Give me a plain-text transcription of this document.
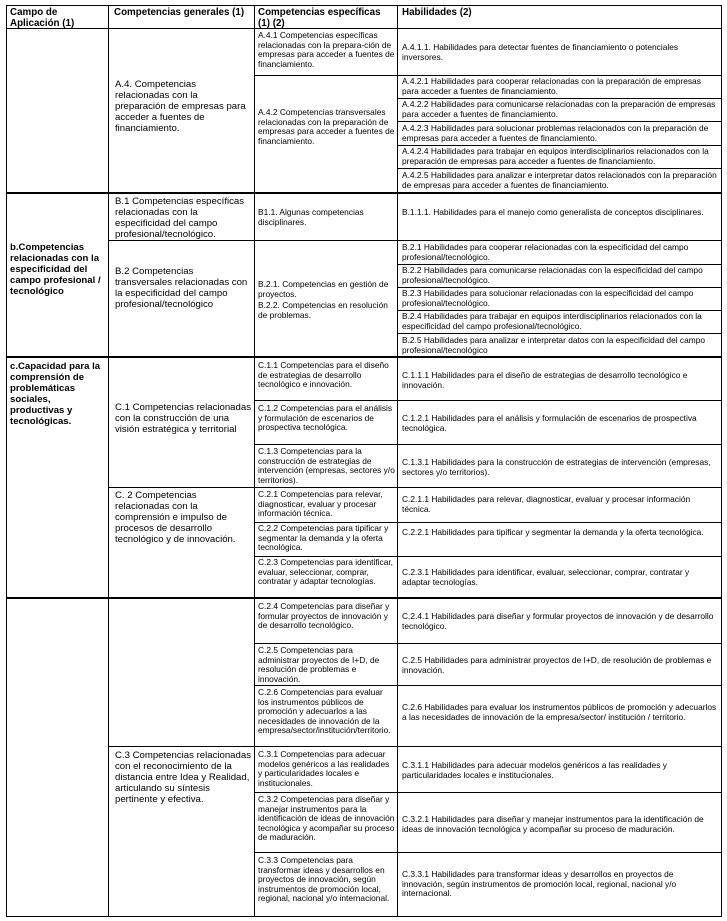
Campo de Aplicación (1)
Competencias generales (1)	Competencias específicas (1) (2)
Habilidades (2)
A.4. Competencias relacionadas con la preparación de empresas para acceder a fuentes de financiamiento.
A.4.1 Competencias específicas relacionadas con la prepara-ción de empresas para acceder a fuentes de financiamiento.
A.4.2 Competencias transversales relacionadas con la preparación de empresas para acceder a fuentes de financiamiento.
A.4.1.1. Habilidades para detectar fuentes de financiamiento o potenciales inversores.
A.4.2.1 Habilidades para cooperar relacionadas con la preparación de empresas para acceder a fuentes de financiamiento.
A.4.2.2 Habilidades para comunicarse relacionadas con la preparación de empresas para acceder a fuentes de financiamiento.
A.4.2.3 Habilidades para solucionar problemas relacionados con la preparación de empresas para acceder a fuentes de financiamiento.
A.4.2.4 Habilidades para trabajar en equipos interdisciplinarios relacionados con la preparación de empresas para acceder a fuentes de financiamiento.
A.4.2.5 Habilidades para analizar e interpretar datos relacionados con la preparación de empresas para acceder a fuentes de financiamiento.
b.Competencias relacionadas con la especificidad del campo profesional / tecnológico
B.1 Competencias específicas relacionadas con la especificidad del campo profesional/tecnológico.
B.2 Competencias transversales relacionadas con la especificidad del campo profesional/tecnológico
B1.1. Algunas competencias disciplinares.
B.2.1. Competencias en gestión de proyectos.
B.2.2. Competencias en resolución de problemas.
B.1.1.1. Habilidades para el manejo como generalista de conceptos disciplinares.
B.2.1 Habilidades para cooperar relacionadas con la especificidad del campo profesional/tecnológico.
B.2.2 Habilidades para comunicarse relacionadas con la especificidad del campo profesional/tecnológico.
B.2.3 Habilidades para solucionar relacionadas con la especificidad del campo profesional/tecnológico.
B.2.4 Habilidades para trabajar en equipos interdisciplinarios relacionados con la especificidad del campo profesional/tecnológico.
B.2.5 Habilidades para analizar e interpretar datos con la especificidad del campo profesional/tecnológico
c.Capacidad para la comprensión de problemáticas sociales, productivas y tecnológicas.
C.1 Competencias relacionadas con la construcción de una visión estratégica y territorial
C. 2 Competencias relacionadas con la comprensión e impulso de procesos de desarrollo tecnológico y de innovación.
C.3 Competencias relacionadas con el reconocimiento de la distancia entre Idea y Realidad, articulando su síntesis pertinente y efectiva.
C.1.1 Competencias para el diseño de estrategias de desarrollo tecnológico e innovación.
C.1.2 Competencias para el análisis y formulación de escenarios de prospectiva tecnológica.
C.1.3 Competencias para la construcción de estrategias de intervención (empresas, sectores y/o territorios).
C.2.1 Competencias para relevar, diagnosticar, evaluar y procesar información técnica.
C.2.2 Competencias para tipificar y segmentar la demanda y la oferta tecnológica.
C.2.3 Competencias para identificar, evaluar, seleccionar, comprar, contratar y adaptar tecnologías.
C.2.4 Competencias para diseñar y formular proyectos de innovación y de desarrollo tecnológico.
C.2.5 Competencias para administrar proyectos de I+D, de resolución de problemas e innovación.
C.2.6 Competencias para evaluar los instrumentos públicos de promoción y adecuarlos a las necesidades de innovación de la empresa/sector/institución/territorio.
C.3.1 Competencias para adecuar modelos genéricos a las realidades y particularidades locales e institucionales.
C.3.2 Competencias para diseñar y manejar instrumentos para la identificación de ideas de innovación tecnológica y acompañar su proceso de maduración.
C.3.3 Competencias para transformar ideas y desarrollos en proyectos de innovación, según instrumentos de promoción local, regional, nacional y/o internacional.
C.1.1.1 Habilidades para el diseño de estrategias de desarrollo tecnológico e innovación.
C.1.2.1 Habilidades para el análisis y formulación de escenarios de prospectiva tecnológica.
C.1.3.1 Habilidades para la construcción de estrategias de intervención (empresas, sectores y/o territorios).
C.2.1.1 Habilidades para relevar, diagnosticar, evaluar y procesar información técnica.
C.2.2.1 Habilidades para tipificar y segmentar la demanda y la oferta tecnológica.
C.2.3.1 Habilidades para identificar, evaluar, seleccionar, comprar, contratar y adaptar tecnologías.
C.2.4.1 Habilidades para diseñar y formular proyectos de innovación y de desarrollo tecnológico.
C.2.5 Habilidades para administrar proyectos de I+D, de resolución de problemas e innovación.
C.2.6 Habilidades para evaluar los instrumentos públicos de promoción y adecuarlos a las necesidades de innovación de la empresa/sector/ institución / territorio.
C.3.1.1 Habilidades para adecuar modelos genéricos a las realidades y particularidades locales e institucionales.
C.3.2.1 Habilidades para diseñar y manejar instrumentos para la identificación de ideas de innovación tecnológica y acompañar su proceso de maduración.
C.3.3.1 Habilidades para transformar ideas y desarrollos en proyectos de innovación, según instrumentos de promoción local, regional, nacional y/o internacional.
